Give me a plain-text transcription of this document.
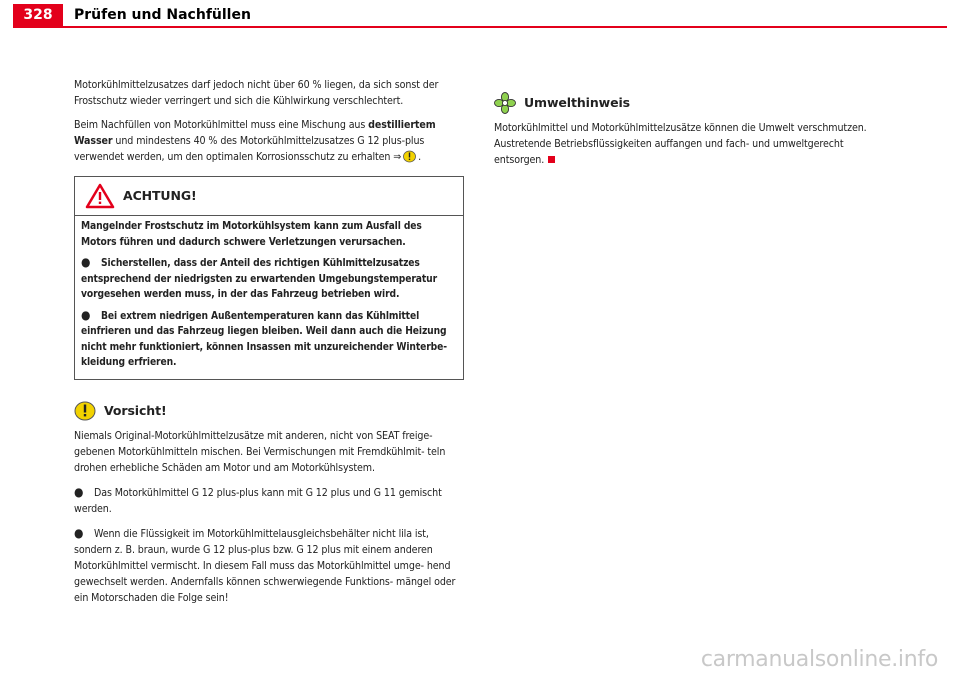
328	Prüfen und Nachfüllen

Motorkühlmittelzusatzes darf jedoch nicht über 60 % liegen, da sich sonst der Frostschutz wieder verringert und sich die Kühlwirkung verschlechtert.

Beim Nachfüllen von Motorkühlmittel muss eine Mischung aus destilliertem Wasser und mindestens 40 % des Motorkühlmittelzusatzes G 12 plus-plus verwendet werden, um den optimalen Korrosionsschutz zu erhalten ⇒ .

ACHTUNG!

Mangelnder Frostschutz im Motorkühlsystem kann zum Ausfall des Motors führen und dadurch schwere Verletzungen verursachen.

● Sicherstellen, dass der Anteil des richtigen Kühlmittelzusatzes entsprechend der niedrigsten zu erwartenden Umgebungstemperatur vorgesehen werden muss, in der das Fahrzeug betrieben wird.

● Bei extrem niedrigen Außentemperaturen kann das Kühlmittel einfrieren und das Fahrzeug liegen bleiben. Weil dann auch die Heizung nicht mehr funktioniert, können Insassen mit unzureichender Winterbe- kleidung erfrieren.

Vorsicht!

Niemals Original-Motorkühlmittelzusätze mit anderen, nicht von SEAT freige- gebenen Motorkühlmitteln mischen. Bei Vermischungen mit Fremdkühlmit- teln drohen erhebliche Schäden am Motor und am Motorkühlsystem.

● Das Motorkühlmittel G 12 plus-plus kann mit G 12 plus und G 11 gemischt werden.

● Wenn die Flüssigkeit im Motorkühlmittelausgleichsbehälter nicht lila ist, sondern z. B. braun, wurde G 12 plus-plus bzw. G 12 plus mit einem anderen Motorkühlmittel vermischt. In diesem Fall muss das Motorkühlmittel umge- hend gewechselt werden. Andernfalls können schwerwiegende Funktions- mängel oder ein Motorschaden die Folge sein!

Umwelthinweis

Motorkühlmittel und Motorkühlmittelzusätze können die Umwelt verschmutzen. Austretende Betriebsflüssigkeiten auffangen und fach- und umweltgerecht entsorgen.

carmanualsonline.info
